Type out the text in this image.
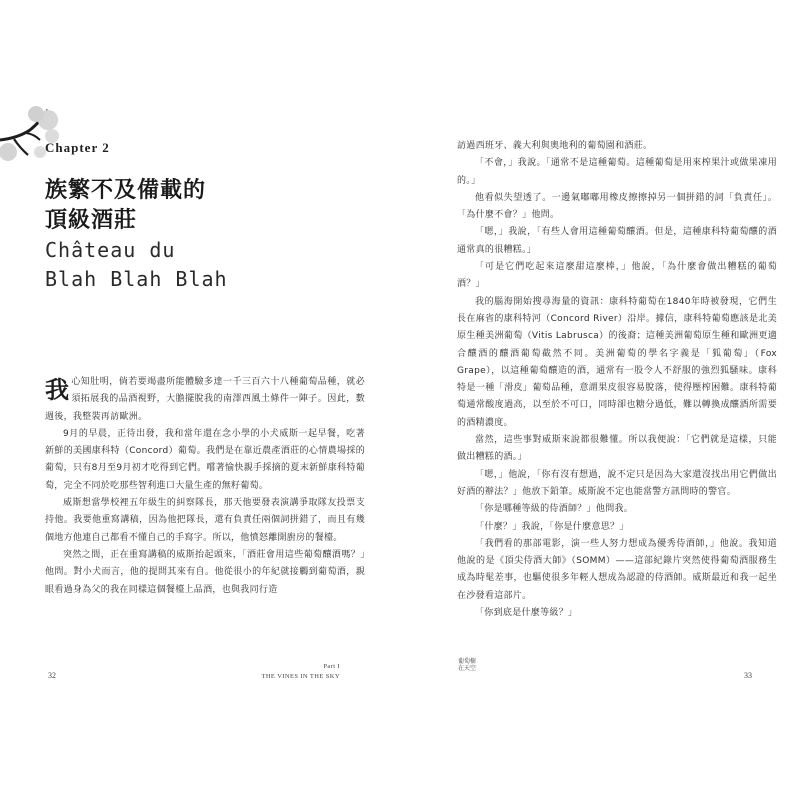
Chapter 2
族繁不及備載的
頂級酒莊
Château du
Blah Blah Blah

我心知肚明，倘若要竭盡所能體驗多達一千三百六十八種葡萄品種，就必須拓展我的品酒視野，大膽擺脫我的南澤西風土條件一陣子。因此，數週後，我整裝再訪歐洲。

9月的早晨，正待出發，我和當年還在念小學的小犬威斯一起早餐，吃著新鮮的美國康科特（Concord）葡萄。我們是在靠近農產酒莊的心情農場採的葡萄，只有8月至9月初才吃得到它們。嚐著愉快親手採摘的夏末新鮮康科特葡萄，完全不同於吃那些智利進口大量生產的無籽葡萄。

威斯想當學校裡五年級生的糾察隊長，那天他要發表演講爭取隊友投票支持他。我要他重寫講稿，因為他把隊長，還有負責任兩個詞拼錯了，而且有幾個地方他連自己都看不懂自己的手寫字。所以，他憤怒離開廚房的餐檯。

突然之間，正在重寫講稿的威斯抬起頭來，「酒莊會用這些葡萄釀酒嗎？」他問。對小犬而言，他的提問其來有自。他從很小的年紀就接觸到葡萄酒，親眼看過身為父的我在同樣這個餐檯上品酒，也與我同行造

32
Part I
THE VINES IN THE SKY

訪過西班牙、義大利與奧地利的葡萄園和酒莊。

「不會，」我說。「通常不是這種葡萄。這種葡萄是用來榨果汁或做果凍用的。」

他看似失望透了。一邊氣嘟嘟用橡皮擦擦掉另一個拼錯的詞「負責任」。「為什麼不會？」他問。

「嗯，」我說，「有些人會用這種葡萄釀酒。但是，這種康科特葡萄釀的酒通常真的很糟糕。」

「可是它們吃起來這麼甜這麼棒，」他說，「為什麼會做出糟糕的葡萄酒？」

我的腦海開始搜尋海量的資訊：康科特葡萄在1840年時被發現，它們生長在麻省的康科特河（Concord River）沿岸。據信，康科特葡萄應該是北美原生種美洲葡萄（Vitis Labrusca）的後裔；這種美洲葡萄原生種和歐洲更適合釀酒的釀酒葡萄截然不同。美洲葡萄的學名字義是「狐葡萄」（Fox Grape），以這種葡萄釀造的酒，通常有一股令人不舒服的強烈狐騷味。康科特是一種「滑皮」葡萄品種，意謂果皮很容易脫落，使得壓榨困難。康科特葡萄通常酸度過高，以至於不可口，同時卻也糖分過低，難以轉換成釀酒所需要的酒精濃度。

當然，這些事對威斯來說都很難懂。所以我便說：「它們就是這樣，只能做出糟糕的酒。」

「嗯，」他說，「你有沒有想過，說不定只是因為大家還沒找出用它們做出好酒的辦法？」他放下鉛筆。威斯說不定也能當警方訊問時的警官。

「你是哪種等級的侍酒師？」他問我。

「什麼？」我說，「你是什麼意思？」

「我們看的那部電影，演一些人努力想成為優秀侍酒師，」他說。我知道他說的是《頂尖侍酒大師》（SOMM）——這部紀錄片突然使得葡萄酒服務生成為時髦差事，也驅使很多年輕人想成為認證的侍酒師。威斯最近和我一起坐在沙發看這部片。

「你到底是什麼等級？」

葡萄樹在天空
33
